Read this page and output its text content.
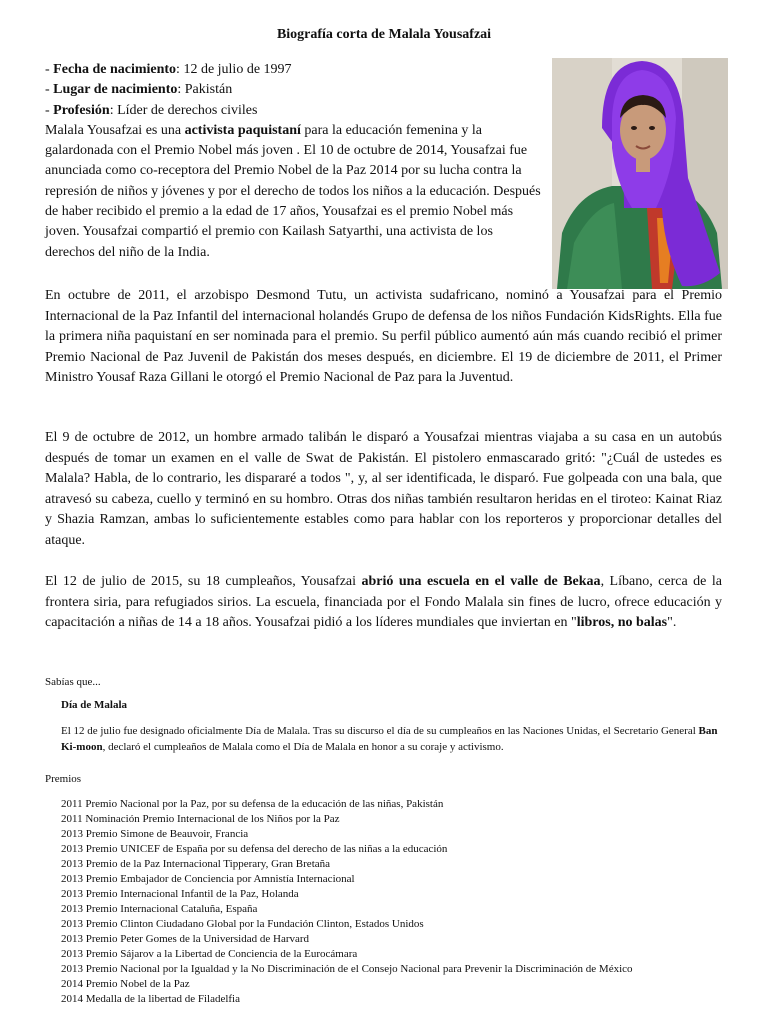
Biografía corta de Malala Yousafzai

- Fecha de nacimiento: 12 de julio de 1997

- Lugar de nacimiento: Pakistán

- Profesión: Líder de derechos civiles

Malala Yousafzai es una activista paquistaní para la educación femenina y la galardonada con el Premio Nobel más joven . El 10 de octubre de 2014, Yousafzai fue anunciada como co-receptora del Premio Nobel de la Paz 2014 por su lucha contra la represión de niños y jóvenes y por el derecho de todos los niños a la educación. Después de haber recibido el premio a la edad de 17 años, Yousafzai es el premio Nobel más joven. Yousafzai compartió el premio con Kailash Satyarthi, una activista de los derechos del niño de la India.

En octubre de 2011, el arzobispo Desmond Tutu, un activista sudafricano, nominó a Yousafzai para el Premio Internacional de la Paz Infantil del internacional holandés Grupo de defensa de los niños Fundación KidsRights. Ella fue la primera niña paquistaní en ser nominada para el premio. Su perfil público aumentó aún más cuando recibió el primer Premio Nacional de Paz Juvenil de Pakistán dos meses después, en diciembre. El 19 de diciembre de 2011, el Primer Ministro Yousaf Raza Gillani le otorgó el Premio Nacional de Paz para la Juventud.

El 9 de octubre de 2012, un hombre armado talibán le disparó a Yousafzai mientras viajaba a su casa en un autobús después de tomar un examen en el valle de Swat de Pakistán. El pistolero enmascarado gritó: "¿Cuál de ustedes es Malala? Habla, de lo contrario, les dispararé a todos ", y, al ser identificada, le disparó. Fue golpeada con una bala, que atravesó su cabeza, cuello y terminó en su hombro. Otras dos niñas también resultaron heridas en el tiroteo: Kainat Riaz y Shazia Ramzan, ambas lo suficientemente estables como para hablar con los reporteros y proporcionar detalles del ataque.

El 12 de julio de 2015, su 18 cumpleaños, Yousafzai abrió una escuela en el valle de Bekaa, Líbano, cerca de la frontera siria, para refugiados sirios. La escuela, financiada por el Fondo Malala sin fines de lucro, ofrece educación y capacitación a niñas de 14 a 18 años. Yousafzai pidió a los líderes mundiales que inviertan en "libros, no balas".

Sabías que...
Día de Malala

El 12 de julio fue designado oficialmente Día de Malala. Tras su discurso el día de su cumpleaños en las Naciones Unidas, el Secretario General Ban Ki-moon, declaró el cumpleaños de Malala como el Día de Malala en honor a su coraje y activismo.

Premios
2011 Premio Nacional por la Paz, por su defensa de la educación de las niñas, Pakistán
2011 Nominación Premio Internacional de los Niños por la Paz
2013 Premio Simone de Beauvoir, Francia
2013 Premio UNICEF de España por su defensa del derecho de las niñas a la educación
2013 Premio de la Paz Internacional Tipperary, Gran Bretaña
2013 Premio Embajador de Conciencia por Amnistía Internacional
2013 Premio Internacional Infantil de la Paz, Holanda
2013 Premio Internacional Cataluña, España
2013 Premio Clinton Ciudadano Global por la Fundación Clinton, Estados Unidos
2013 Premio Peter Gomes de la Universidad de Harvard
2013 Premio Sájarov a la Libertad de Conciencia de la Eurocámara
2013 Premio Nacional por la Igualdad y la No Discriminación de el Consejo Nacional para Prevenir la Discriminación de México
2014 Premio Nobel de la Paz
2014 Medalla de la libertad de Filadelfia
